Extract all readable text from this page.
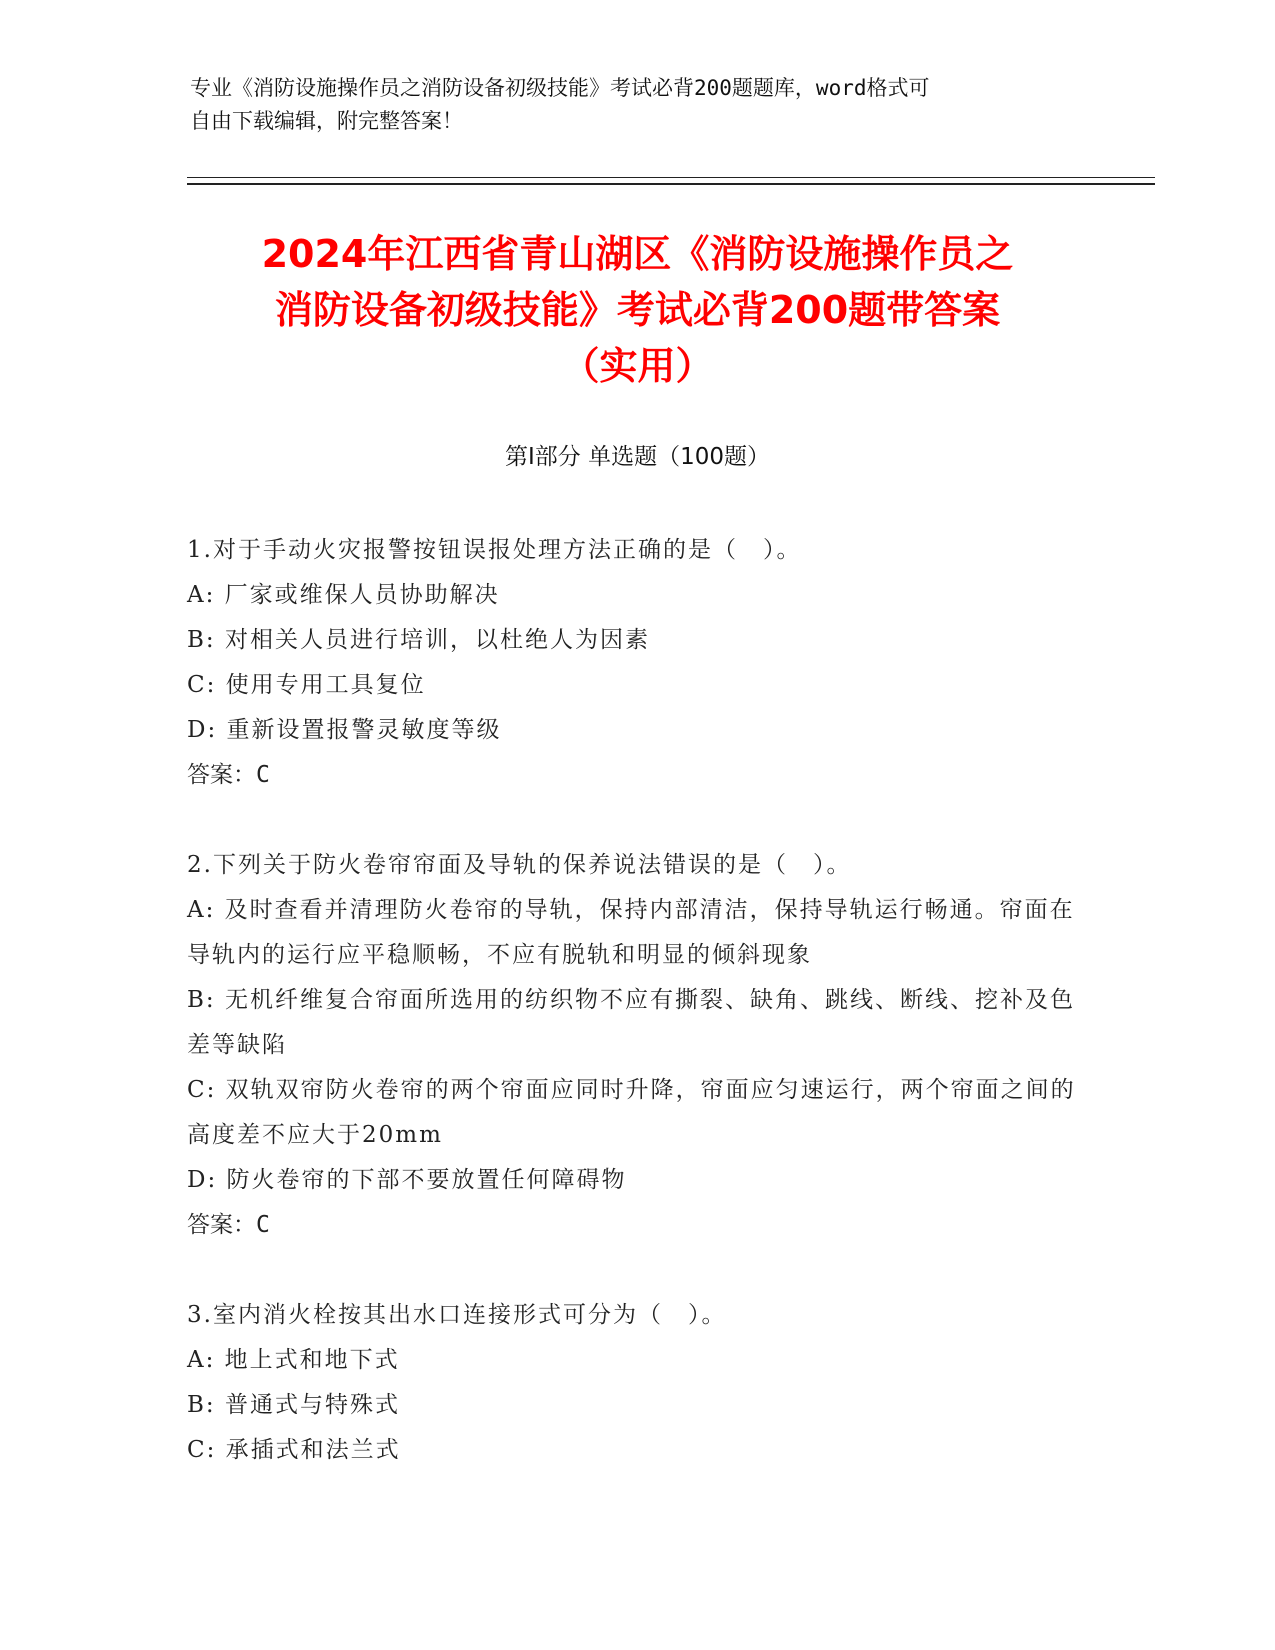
专业《消防设施操作员之消防设备初级技能》考试必背200题题库，word格式可
自由下载编辑，附完整答案！
2024年江西省青山湖区《消防设施操作员之
消防设备初级技能》考试必背200题带答案
（实用）
第Ⅰ部分 单选题（100题）
1.对于手动火灾报警按钮误报处理方法正确的是（　）。
A: 厂家或维保人员协助解决
B: 对相关人员进行培训，以杜绝人为因素
C: 使用专用工具复位
D: 重新设置报警灵敏度等级
答案：C
2.下列关于防火卷帘帘面及导轨的保养说法错误的是（　）。
A: 及时查看并清理防火卷帘的导轨，保持内部清洁，保持导轨运行畅通。帘面在导轨内的运行应平稳顺畅，不应有脱轨和明显的倾斜现象
B: 无机纤维复合帘面所选用的纺织物不应有撕裂、缺角、跳线、断线、挖补及色差等缺陷
C: 双轨双帘防火卷帘的两个帘面应同时升降，帘面应匀速运行，两个帘面之间的高度差不应大于20mm
D: 防火卷帘的下部不要放置任何障碍物
答案：C
3.室内消火栓按其出水口连接形式可分为（　）。
A: 地上式和地下式
B: 普通式与特殊式
C: 承插式和法兰式
